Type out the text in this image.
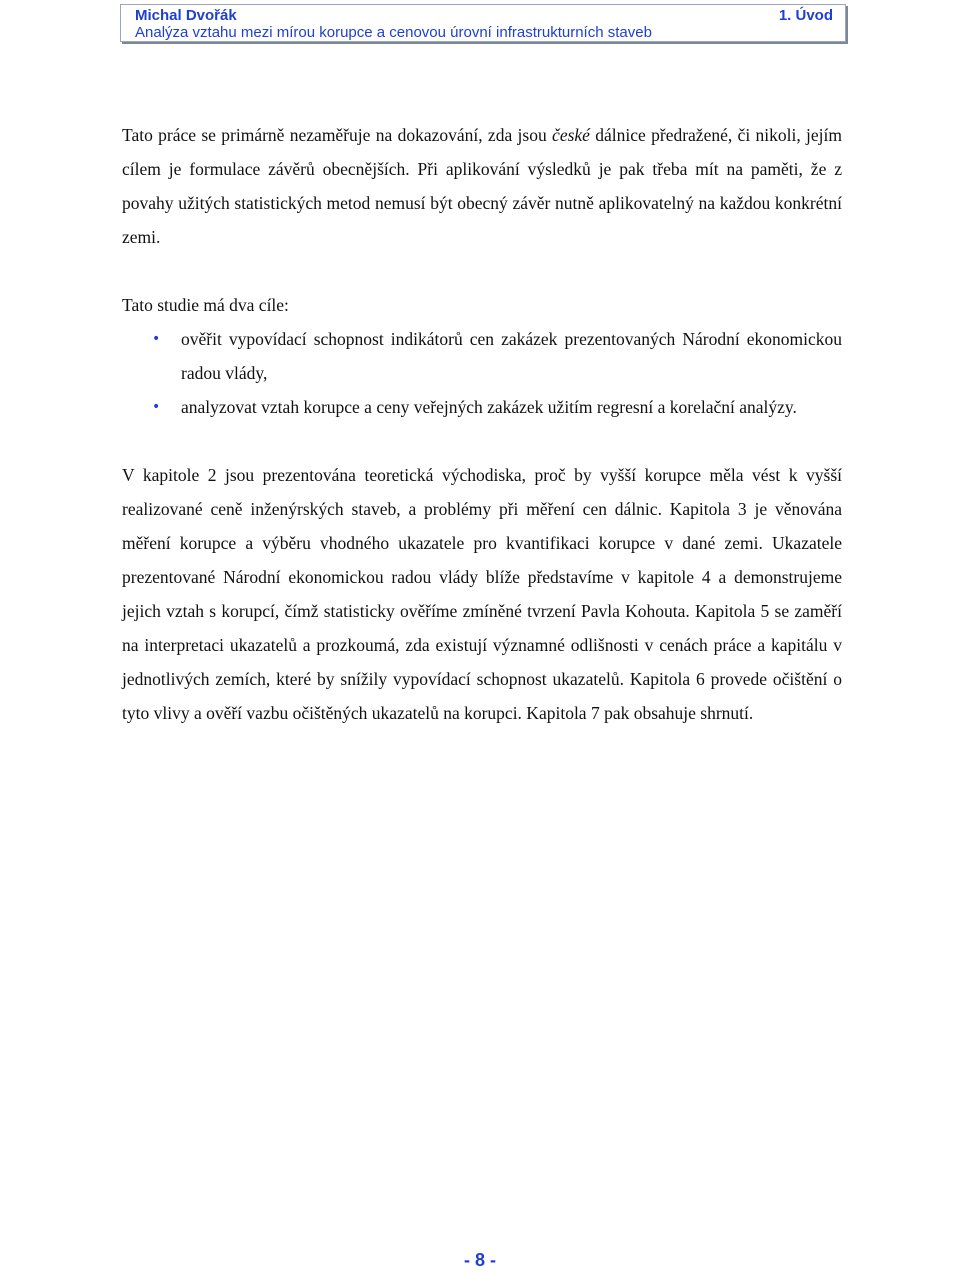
Michal Dvořák
Analýza vztahu mezi mírou korupce a cenovou úrovní infrastrukturních staveb
1. Úvod

Tato práce se primárně nezaměřuje na dokazování, zda jsou české dálnice předražené, či nikoli, jejím cílem je formulace závěrů obecnějších. Při aplikování výsledků je pak třeba mít na paměti, že z povahy užitých statistických metod nemusí být obecný závěr nutně aplikovatelný na každou konkrétní zemi.

Tato studie má dva cíle:

• ověřit vypovídací schopnost indikátorů cen zakázek prezentovaných Národní ekonomickou radou vlády,
• analyzovat vztah korupce a ceny veřejných zakázek užitím regresní a korelační analýzy.

V kapitole 2 jsou prezentována teoretická východiska, proč by vyšší korupce měla vést k vyšší realizované ceně inženýrských staveb, a problémy při měření cen dálnic. Kapitola 3 je věnována měření korupce a výběru vhodného ukazatele pro kvantifikaci korupce v dané zemi. Ukazatele prezentované Národní ekonomickou radou vlády blíže představíme v kapitole 4 a demonstrujeme jejich vztah s korupcí, čímž statisticky ověříme zmíněné tvrzení Pavla Kohouta. Kapitola 5 se zaměří na interpretaci ukazatelů a prozkoumá, zda existují významné odlišnosti v cenách práce a kapitálu v jednotlivých zemích, které by snížily vypovídací schopnost ukazatelů. Kapitola 6 provede očištění o tyto vlivy a ověří vazbu očištěných ukazatelů na korupci. Kapitola 7 pak obsahuje shrnutí.

- 8 -
